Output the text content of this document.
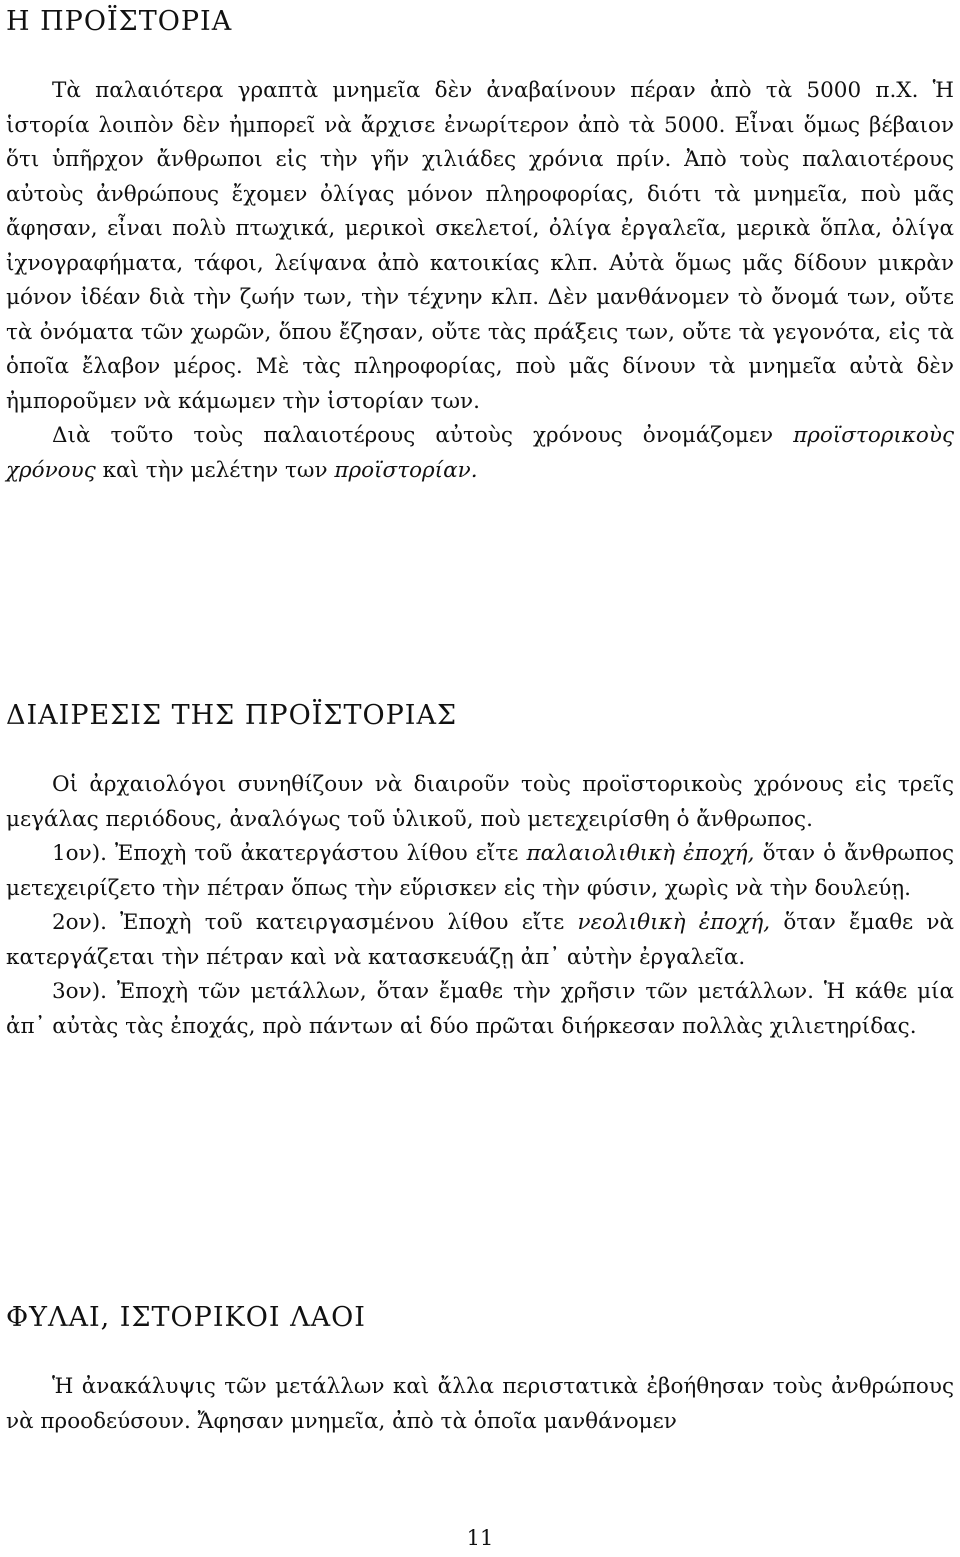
Η ΠΡΟΪΣΤΟΡΙΑ

Τὰ παλαιότερα γραπτὰ μνημεῖα δὲν ἀναβαίνουν πέραν ἀπὸ τὰ 5000 π.Χ. Ἡ ἱστορία λοιπὸν δὲν ἠμπορεῖ νὰ ἄρχισε ἐνωρίτερον ἀπὸ τὰ 5000. Εἶναι ὅμως βέβαιον ὅτι ὑπῆρχον ἄνθρωποι εἰς τὴν γῆν χιλιάδες χρόνια πρίν. Ἀπὸ τοὺς παλαιοτέρους αὐτοὺς ἀνθρώπους ἔχομεν ὀλίγας μόνον πληροφορίας, διότι τὰ μνημεῖα, ποὺ μᾶς ἄφησαν, εἶναι πολὺ πτωχικά, μερικοὶ σκελετοί, ὀλίγα ἐργαλεῖα, μερικὰ ὅπλα, ὀλίγα ἰχνογραφήματα, τάφοι, λείψανα ἀπὸ κατοικίας κλπ. Αὐτὰ ὅμως μᾶς δίδουν μικρὰν μόνον ἰδέαν διὰ τὴν ζωήν των, τὴν τέχνην κλπ. Δὲν μανθάνομεν τὸ ὄνομά των, οὔτε τὰ ὀνόματα τῶν χωρῶν, ὅπου ἔζησαν, οὔτε τὰς πράξεις των, οὔτε τὰ γεγονότα, εἰς τὰ ὁποῖα ἔλαβον μέρος. Μὲ τὰς πληροφορίας, ποὺ μᾶς δίνουν τὰ μνημεῖα αὐτὰ δὲν ἠμποροῦμεν νὰ κάμωμεν τὴν ἱστορίαν των.

Διὰ τοῦτο τοὺς παλαιοτέρους αὐτοὺς χρόνους ὀνομάζομεν προϊστορικοὺς χρόνους καὶ τὴν μελέτην των προϊστορίαν.

ΔΙΑΙΡΕΣΙΣ ΤΗΣ ΠΡΟΪΣΤΟΡΙΑΣ

Οἱ ἀρχαιολόγοι συνηθίζουν νὰ διαιροῦν τοὺς προϊστορικοὺς χρόνους εἰς τρεῖς μεγάλας περιόδους, ἀναλόγως τοῦ ὑλικοῦ, ποὺ μετεχειρίσθη ὁ ἄνθρωπος.

1ον). Ἐποχὴ τοῦ ἀκατεργάστου λίθου εἴτε παλαιολιθικὴ ἐποχή, ὅταν ὁ ἄνθρωπος μετεχειρίζετο τὴν πέτραν ὅπως τὴν εὕρισκεν εἰς τὴν φύσιν, χωρὶς νὰ τὴν δουλεύῃ.

2ον). Ἐποχὴ τοῦ κατειργασμένου λίθου εἴτε νεολιθικὴ ἐποχή, ὅταν ἔμαθε νὰ κατεργάζεται τὴν πέτραν καὶ νὰ κατασκευάζῃ ἀπ᾽ αὐτὴν ἐργαλεῖα.

3ον). Ἐποχὴ τῶν μετάλλων, ὅταν ἔμαθε τὴν χρῆσιν τῶν μετάλλων. Ἡ κάθε μία ἀπ᾽ αὐτὰς τὰς ἐποχάς, πρὸ πάντων αἱ δύο πρῶται διήρκεσαν πολλὰς χιλιετηρίδας.

ΦΥΛΑΙ, ΙΣΤΟΡΙΚΟΙ ΛΑΟΙ

Ἡ ἀνακάλυψις τῶν μετάλλων καὶ ἄλλα περιστατικὰ ἐβοήθησαν τοὺς ἀνθρώπους νὰ προοδεύσουν. Ἄφησαν μνημεῖα, ἀπὸ τὰ ὁποῖα μανθάνομεν

11
